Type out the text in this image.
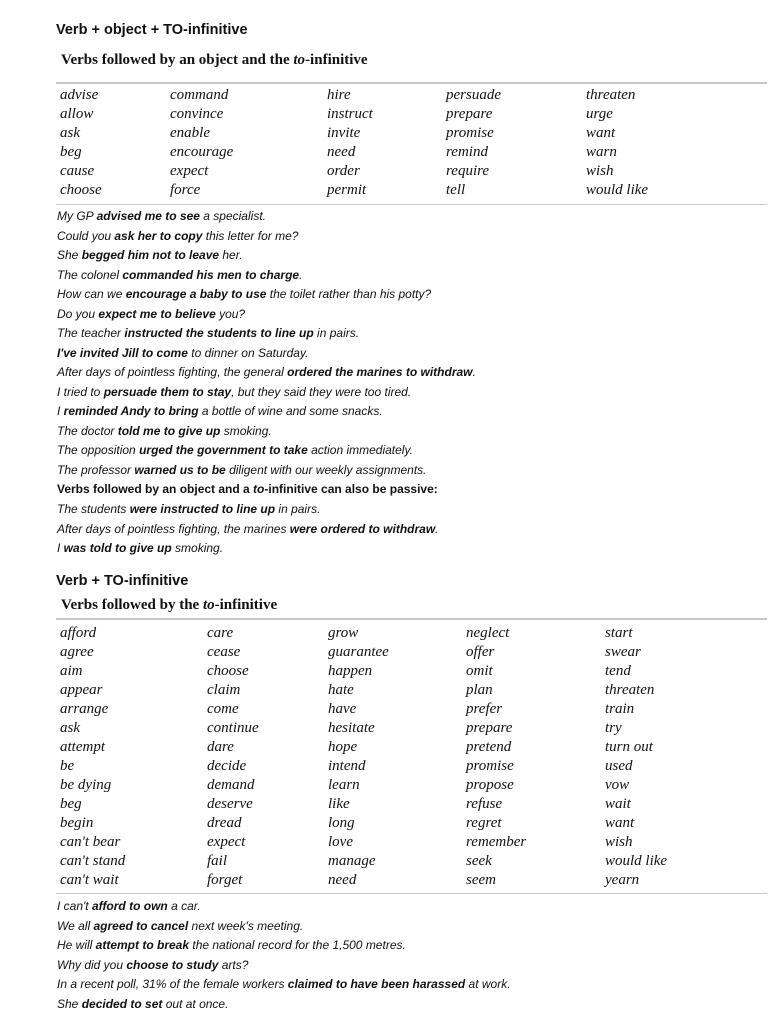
Verb + object + TO-infinitive
Verbs followed by an object and the to-infinitive
advise	command	hire	persuade	threaten
allow	convince	instruct	prepare	urge
ask	enable	invite	promise	want
beg	encourage	need	remind	warn
cause	expect	order	require	wish
choose	force	permit	tell	would like
My GP advised me to see a specialist.
Could you ask her to copy this letter for me?
She begged him not to leave her.
The colonel commanded his men to charge.
How can we encourage a baby to use the toilet rather than his potty?
Do you expect me to believe you?
The teacher instructed the students to line up in pairs.
I've invited Jill to come to dinner on Saturday.
After days of pointless fighting, the general ordered the marines to withdraw.
I tried to persuade them to stay, but they said they were too tired.
I reminded Andy to bring a bottle of wine and some snacks.
The doctor told me to give up smoking.
The opposition urged the government to take action immediately.
The professor warned us to be diligent with our weekly assignments.
Verbs followed by an object and a to-infinitive can also be passive:
The students were instructed to line up in pairs.
After days of pointless fighting, the marines were ordered to withdraw.
I was told to give up smoking.
Verb + TO-infinitive
Verbs followed by the to-infinitive
afford	care	grow	neglect	start
agree	cease	guarantee	offer	swear
aim	choose	happen	omit	tend
appear	claim	hate	plan	threaten
arrange	come	have	prefer	train
ask	continue	hesitate	prepare	try
attempt	dare	hope	pretend	turn out
be	decide	intend	promise	used
be dying	demand	learn	propose	vow
beg	deserve	like	refuse	wait
begin	dread	long	regret	want
can't bear	expect	love	remember	wish
can't stand	fail	manage	seek	would like
can't wait	forget	need	seem	yearn
I can't afford to own a car.
We all agreed to cancel next week's meeting.
He will attempt to break the national record for the 1,500 metres.
Why did you choose to study arts?
In a recent poll, 31% of the female workers claimed to have been harassed at work.
She decided to set out at once.
